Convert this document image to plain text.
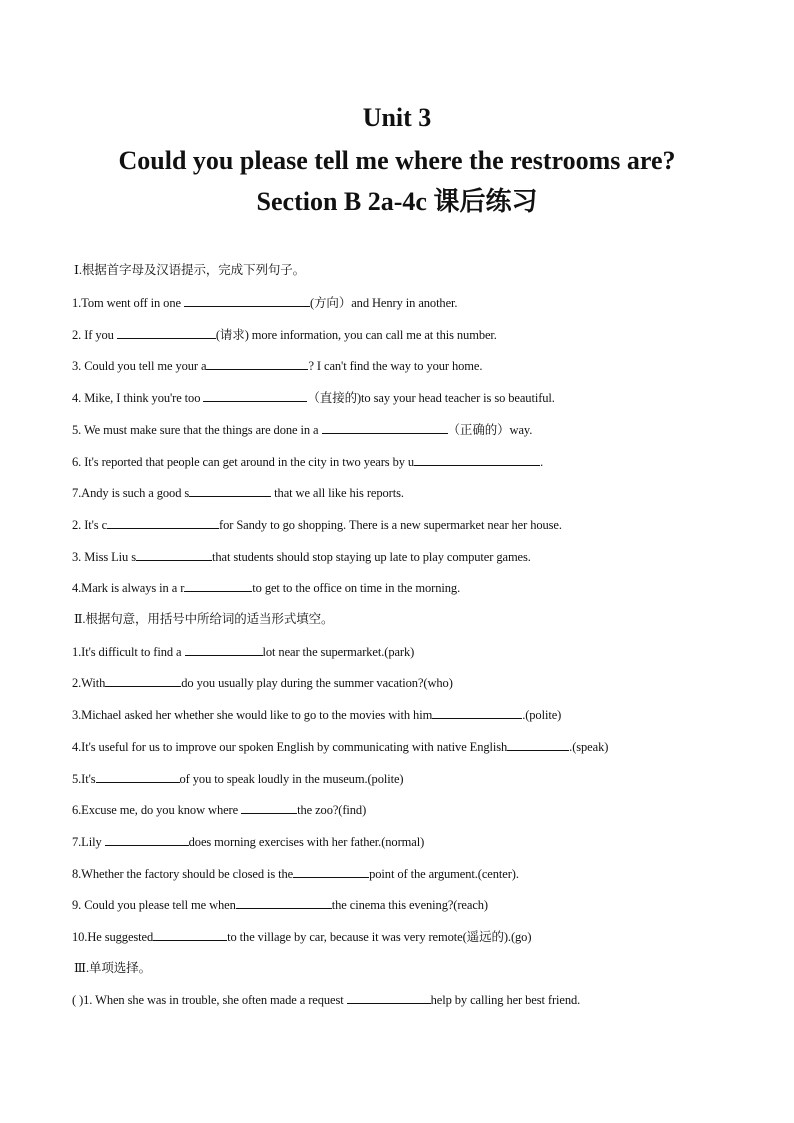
Unit 3
Could you please tell me where the restrooms are?
Section B 2a-4c 课后练习
Ⅰ.根据首字母及汉语提示，完成下列句子。
1.Tom went off in one	(方向）and Henry in another.
2. If you	(请求) more information, you can call me at this number.
3. Could you tell me your a	? I can't find the way to your home.
4. Mike, I think you're too	（直接的)to say your head teacher is so beautiful.
5. We must make sure that the things are done in a	（正确的）way.
6. It's reported that people can get around in the city in two years by u	.
7.Andy is such a good s	that we all like his reports.
2. It's c	for Sandy to go shopping. There is a new supermarket near her house.
3. Miss Liu s	that students should stop staying up late to play computer games.
4.Mark is always in a r	to get to the office on time in the morning.
Ⅱ.根据句意，用括号中所给词的适当形式填空。
1.It's difficult to find a	lot near the supermarket.(park)
2.With	do you usually play during the summer vacation?(who)
3.Michael asked her whether she would like to go to the movies with him	.(polite)
4.It's useful for us to improve our spoken English by communicating with native English	.(speak)
5.It's	of you to speak loudly in the museum.(polite)
6.Excuse me, do you know where	the zoo?(find)
7.Lily	does morning exercises with her father.(normal)
8.Whether the factory should be closed is the	point of the argument.(center).
9. Could you please tell me when	the cinema this evening?(reach)
10.He suggested	to the village by car, because it was very remote(遥远的).(go)
Ⅲ.单项选择。
( )1. When she was in trouble, she often made a request	help by calling her best friend.
